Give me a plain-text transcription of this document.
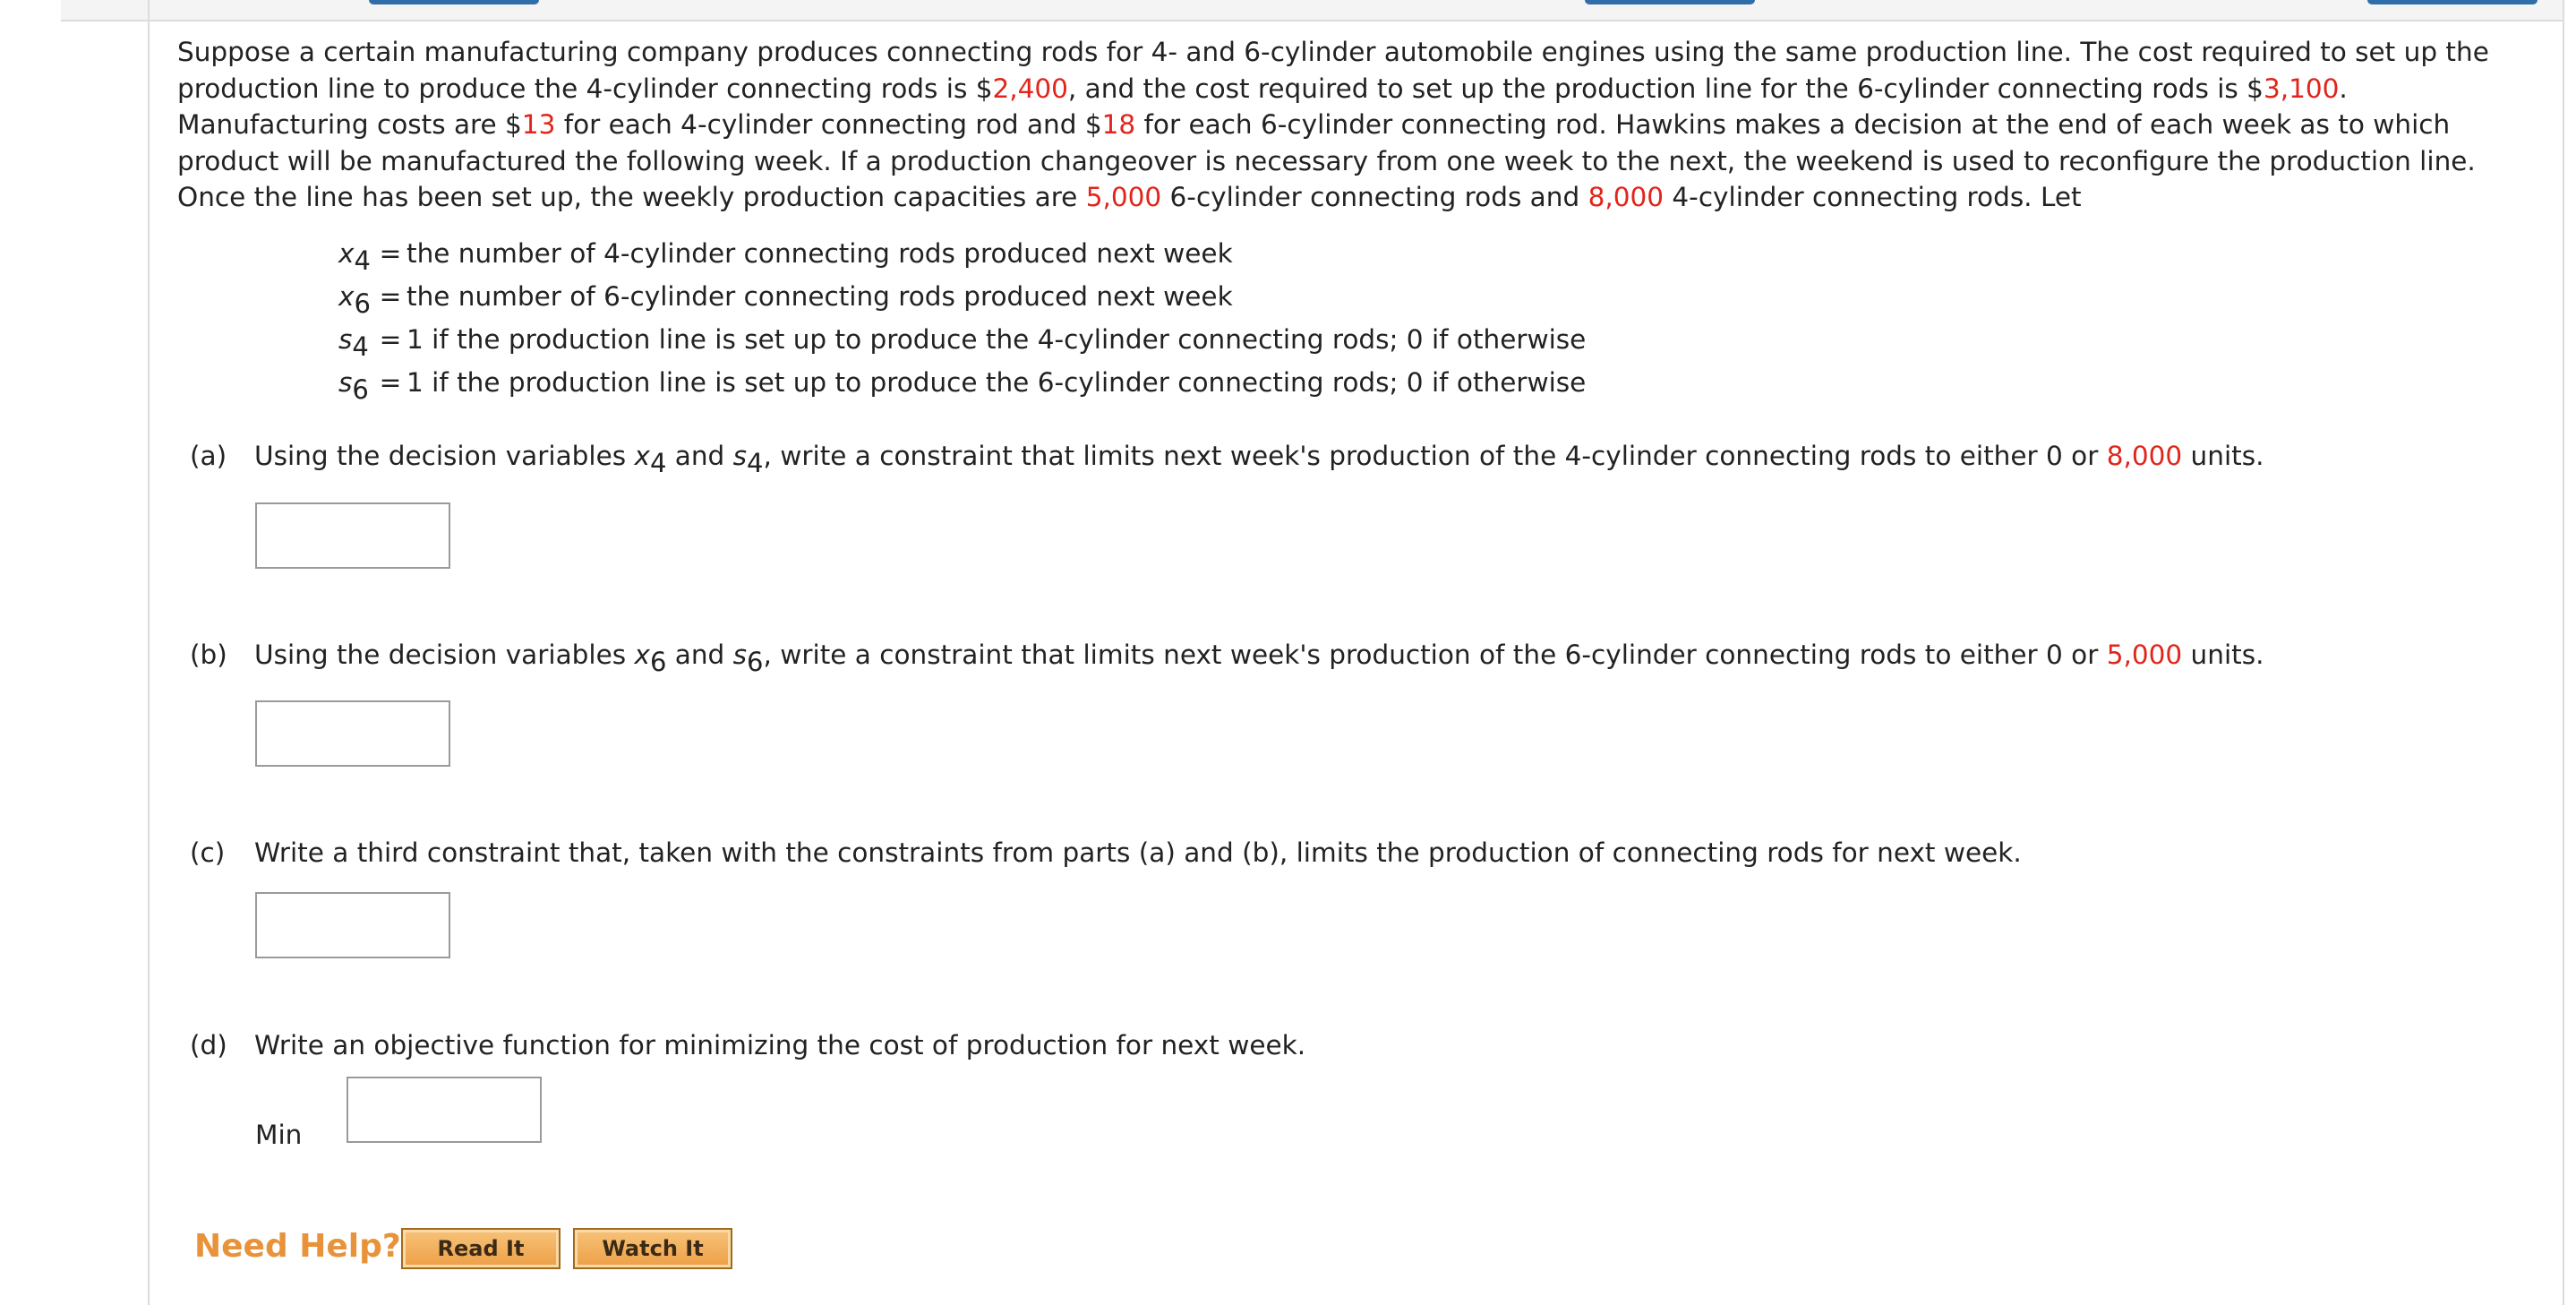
Suppose a certain manufacturing company produces connecting rods for 4- and 6-cylinder automobile engines using the same production line. The cost required to set up the production line to produce the 4-cylinder connecting rods is $2,400, and the cost required to set up the production line for the 6-cylinder connecting rods is $3,100. Manufacturing costs are $13 for each 4-cylinder connecting rod and $18 for each 6-cylinder connecting rod. Hawkins makes a decision at the end of each week as to which product will be manufactured the following week. If a production changeover is necessary from one week to the next, the weekend is used to reconfigure the production line. Once the line has been set up, the weekly production capacities are 5,000 6-cylinder connecting rods and 8,000 4-cylinder connecting rods. Let
$x_4$ = the number of 4-cylinder connecting rods produced next week
$x_6$ = the number of 6-cylinder connecting rods produced next week
$s_4 = 1$ if the production line is set up to produce the 4-cylinder connecting rods; 0 if otherwise
$s_6 = 1$ if the production line is set up to produce the 6-cylinder connecting rods; 0 if otherwise
(a) Using the decision variables $x_4$ and $s_4$, write a constraint that limits next week's production of the 4-cylinder connecting rods to either 0 or 8,000 units.
(b) Using the decision variables $x_6$ and $s_6$, write a constraint that limits next week's production of the 6-cylinder connecting rods to either 0 or 5,000 units.
(c) Write a third constraint that, taken with the constraints from parts (a) and (b), limits the production of connecting rods for next week.
(d) Write an objective function for minimizing the cost of production for next week.
Min
Need Help?	Read It	Watch It
